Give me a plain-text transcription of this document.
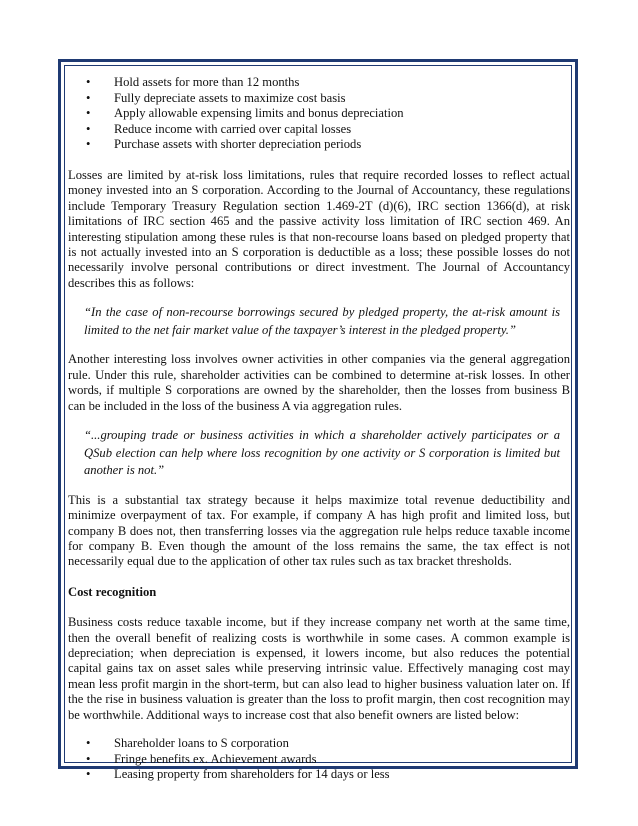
• Hold assets for more than 12 months
• Fully depreciate assets to maximize cost basis
• Apply allowable expensing limits and bonus depreciation
• Reduce income with carried over capital losses
• Purchase assets with shorter depreciation periods

Losses are limited by at-risk loss limitations, rules that require recorded losses to reflect actual money invested into an S corporation. According to the Journal of Accountancy, these regulations include Temporary Treasury Regulation section 1.469-2T (d)(6), IRC section 1366(d), at risk limitations of IRC section 465 and the passive activity loss limitation of IRC section 469. An interesting stipulation among these rules is that non-recourse loans based on pledged property that is not actually invested into an S corporation is deductible as a loss; these possible losses do not necessarily involve personal contributions or direct investment. The Journal of Accountancy describes this as follows:

“In the case of non-recourse borrowings secured by pledged property, the at-risk amount is limited to the net fair market value of the taxpayer’s interest in the pledged property.”

Another interesting loss involves owner activities in other companies via the general aggregation rule. Under this rule, shareholder activities can be combined to determine at-risk losses. In other words, if multiple S corporations are owned by the shareholder, then the losses from business B can be included in the loss of the business A via aggregation rules.

“...grouping trade or business activities in which a shareholder actively participates or a QSub election can help where loss recognition by one activity or S corporation is limited but another is not.”

This is a substantial tax strategy because it helps maximize total revenue deductibility and minimize overpayment of tax. For example, if company A has high profit and limited loss, but company B does not, then transferring losses via the aggregation rule helps reduce taxable income for company B. Even though the amount of the loss remains the same, the tax effect is not necessarily equal due to the application of other tax rules such as tax bracket thresholds.

Cost recognition

Business costs reduce taxable income, but if they increase company net worth at the same time, then the overall benefit of realizing costs is worthwhile in some cases. A common example is depreciation; when depreciation is expensed, it lowers income, but also reduces the potential capital gains tax on asset sales while preserving intrinsic value. Effectively managing cost may mean less profit margin in the short-term, but can also lead to higher business valuation later on. If the the rise in business valuation is greater than the loss to profit margin, then cost recognition may be worthwhile. Additional ways to increase cost that also benefit owners are listed below:

• Shareholder loans to S corporation
• Fringe benefits ex. Achievement awards
• Leasing property from shareholders for 14 days or less
